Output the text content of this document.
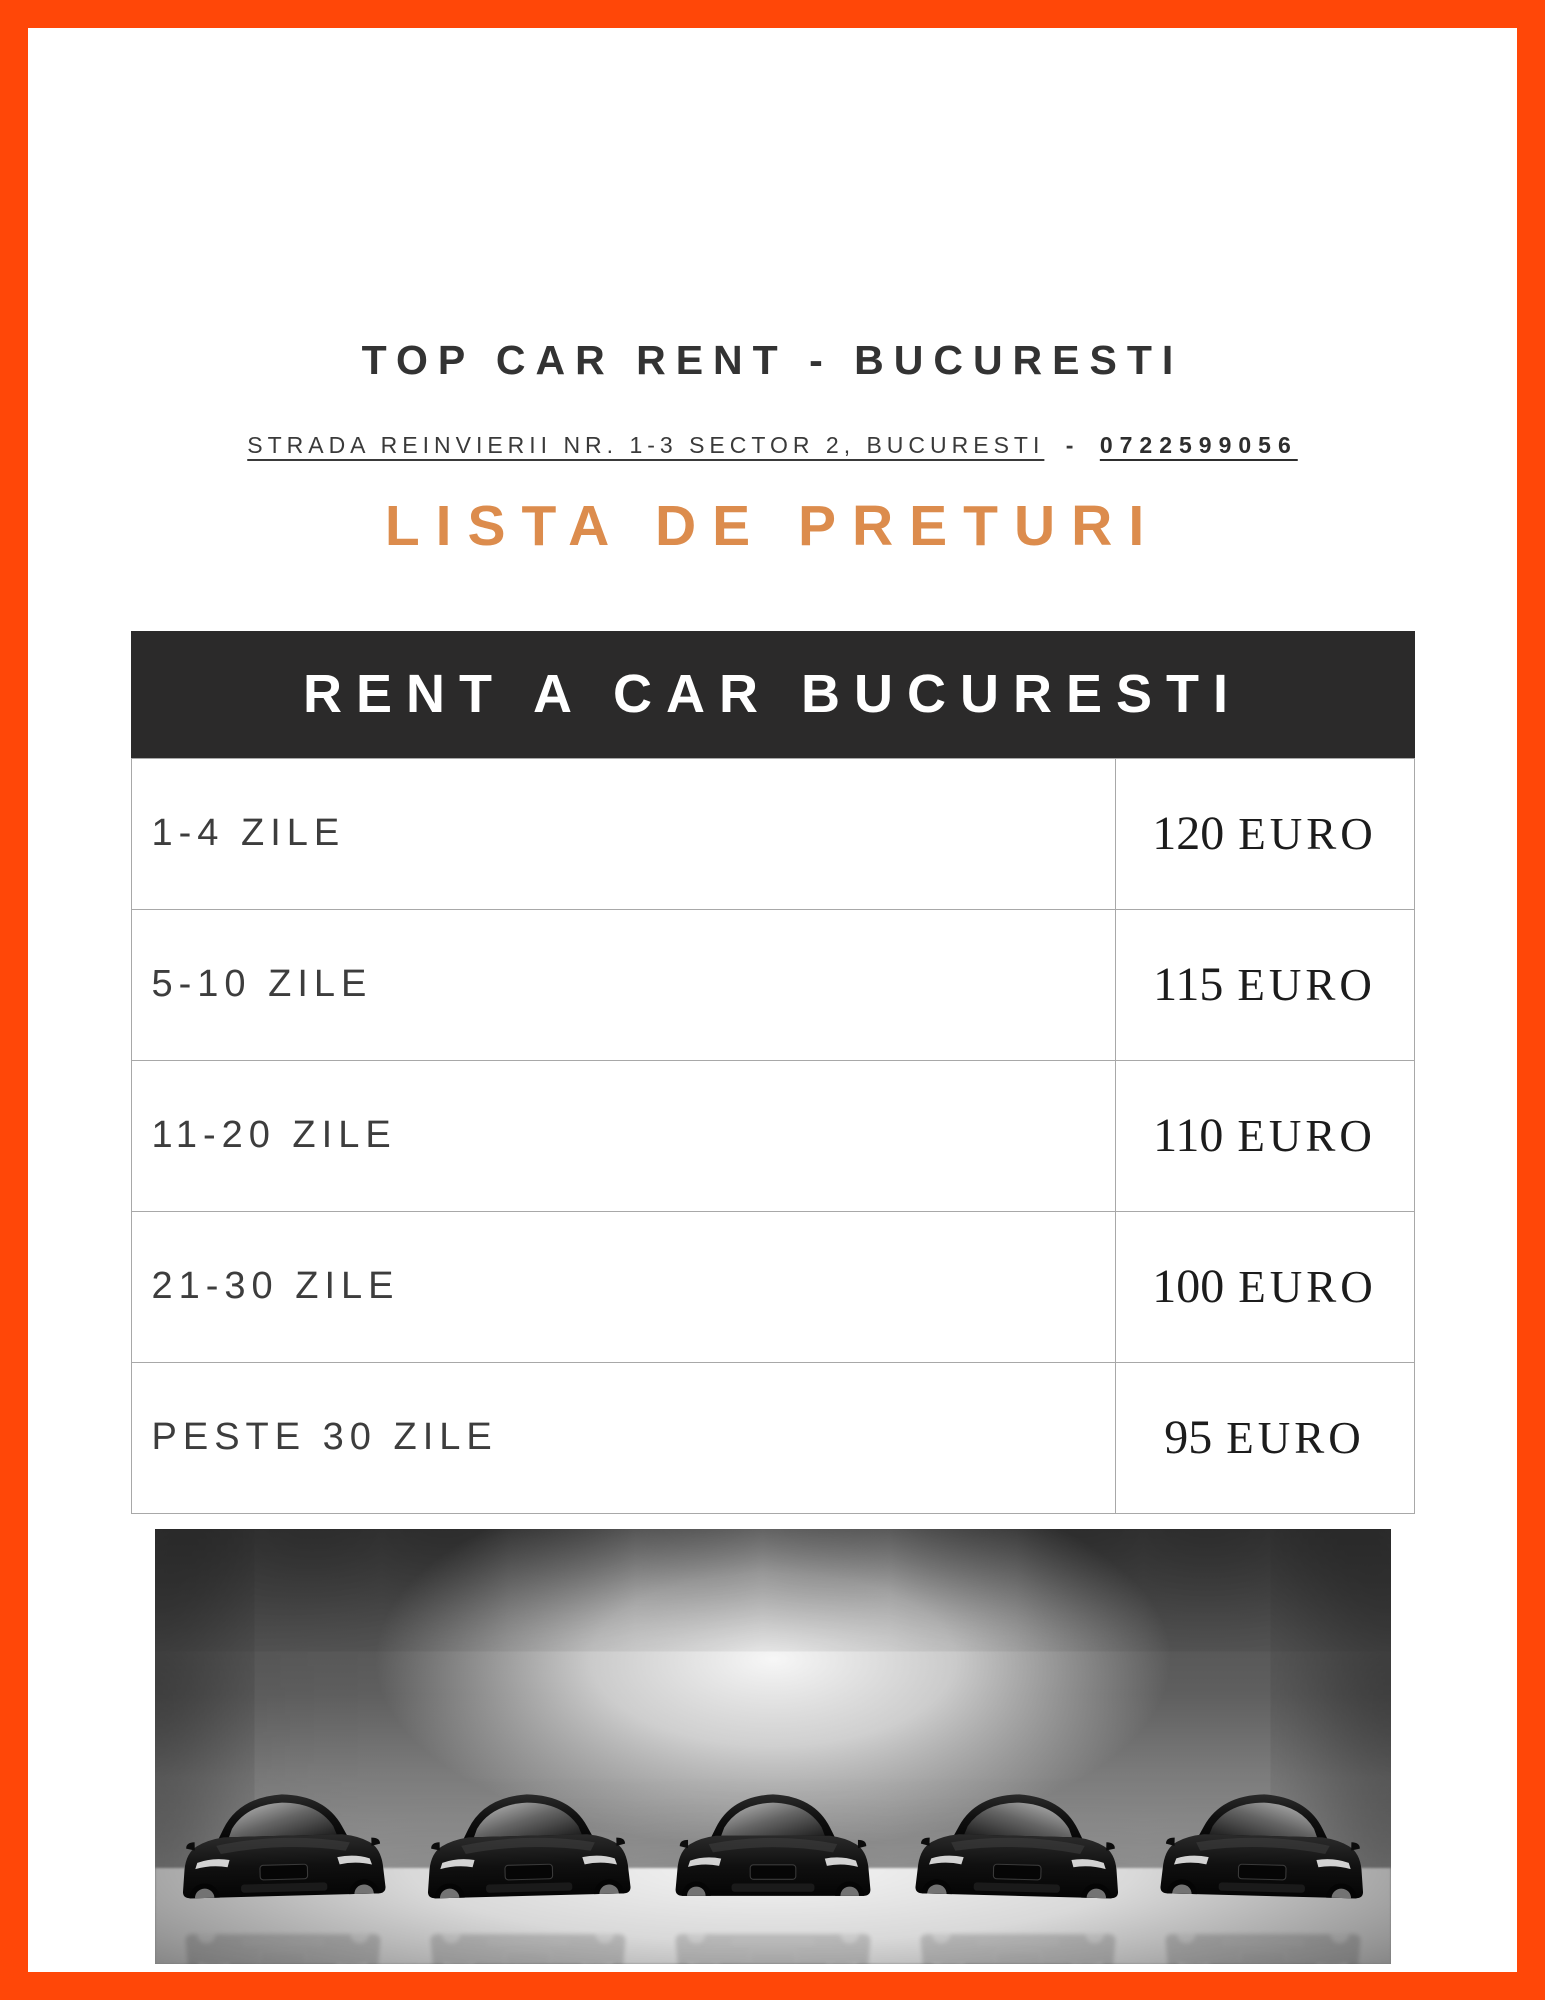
TOP CAR RENT - BUCURESTI

STRADA REINVIERII NR. 1-3 SECTOR 2, BUCURESTI - 0722599056

LISTA DE PRETURI
RENT A CAR BUCURESTI
1-4 ZILE	120 EURO
5-10 ZILE	115 EURO
11-20 ZILE	110 EURO
21-30 ZILE	100 EURO
PESTE 30 ZILE	95 EURO
